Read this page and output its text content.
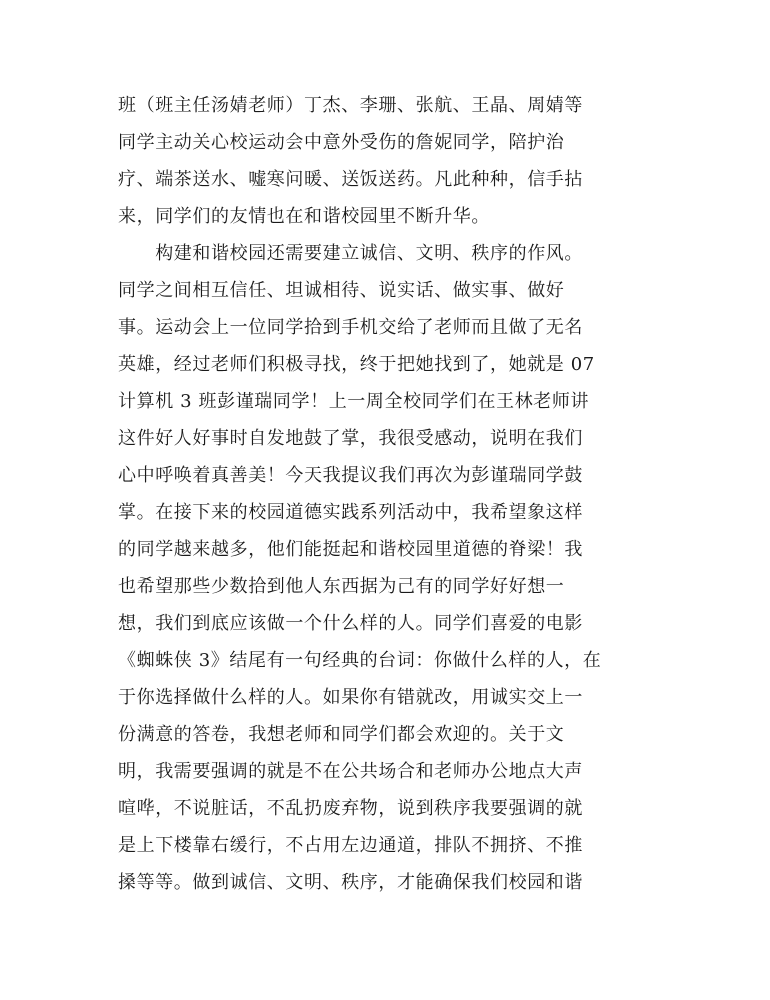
班（班主任汤婧老师）丁杰、李珊、张航、王晶、周婧等
同学主动关心校运动会中意外受伤的詹妮同学，陪护治
疗、端茶送水、嘘寒问暖、送饭送药。凡此种种，信手拈
来，同学们的友情也在和谐校园里不断升华。
　　构建和谐校园还需要建立诚信、文明、秩序的作风。
同学之间相互信任、坦诚相待、说实话、做实事、做好
事。运动会上一位同学拾到手机交给了老师而且做了无名
英雄，经过老师们积极寻找，终于把她找到了，她就是 07
计算机 3 班彭谨瑞同学！上一周全校同学们在王林老师讲
这件好人好事时自发地鼓了掌，我很受感动，说明在我们
心中呼唤着真善美！今天我提议我们再次为彭谨瑞同学鼓
掌。在接下来的校园道德实践系列活动中，我希望象这样
的同学越来越多，他们能挺起和谐校园里道德的脊梁！我
也希望那些少数拾到他人东西据为己有的同学好好想一
想，我们到底应该做一个什么样的人。同学们喜爱的电影
《蜘蛛侠 3》结尾有一句经典的台词：你做什么样的人，在
于你选择做什么样的人。如果你有错就改，用诚实交上一
份满意的答卷，我想老师和同学们都会欢迎的。关于文
明，我需要强调的就是不在公共场合和老师办公地点大声
喧哗，不说脏话，不乱扔废弃物，说到秩序我要强调的就
是上下楼靠右缓行，不占用左边通道，排队不拥挤、不推
搡等等。做到诚信、文明、秩序，才能确保我们校园和谐
